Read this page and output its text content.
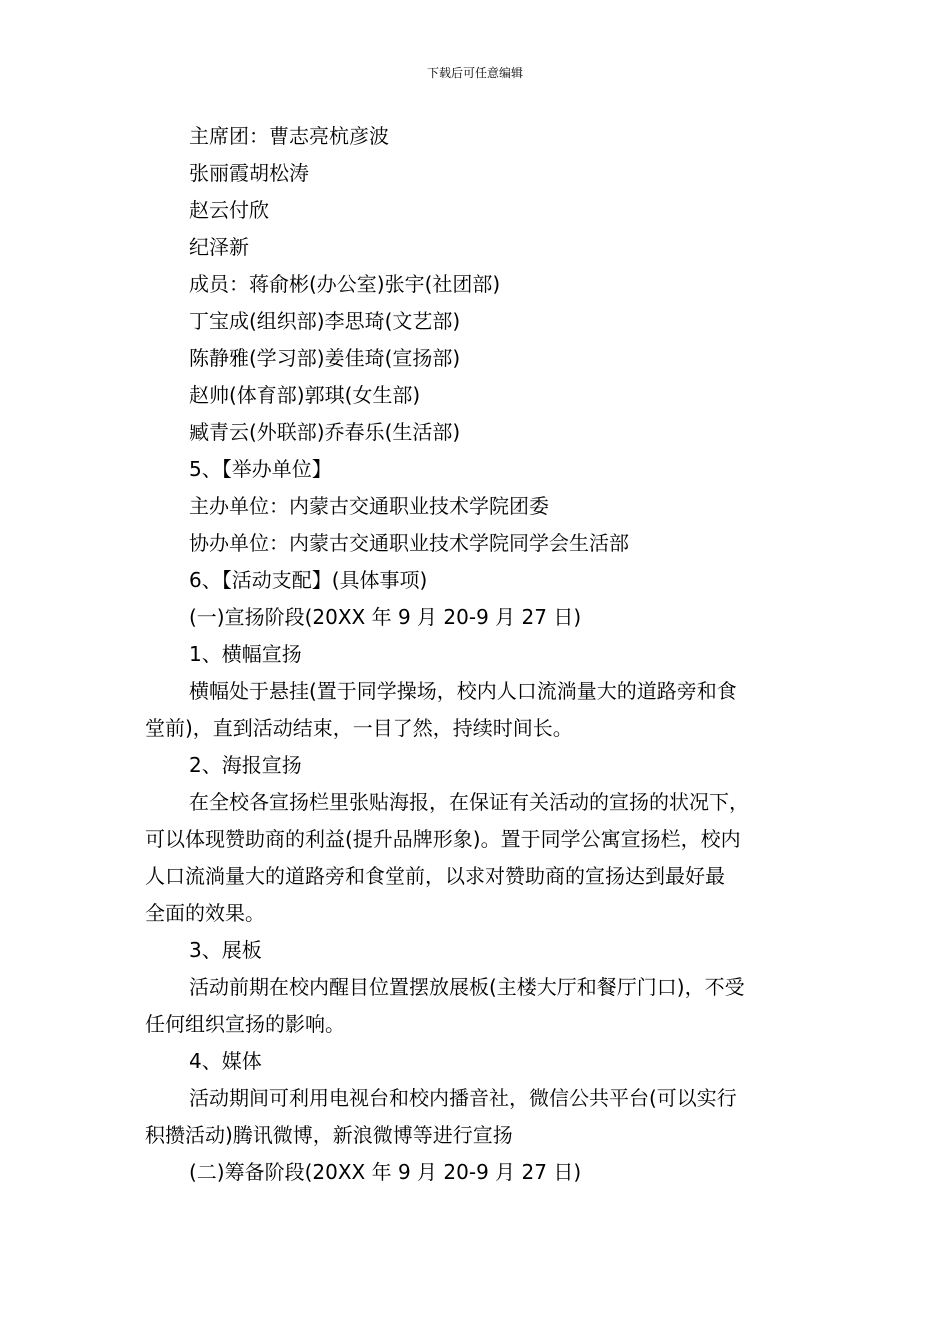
下载后可任意编辑
主席团：曹志亮杭彦波
张丽霞胡松涛
赵云付欣
纪泽新
成员：蒋俞彬(办公室)张宇(社团部)
丁宝成(组织部)李思琦(文艺部)
陈静雅(学习部)姜佳琦(宣扬部)
赵帅(体育部)郭琪(女生部)
臧青云(外联部)乔春乐(生活部)
5、【举办单位】
主办单位：内蒙古交通职业技术学院团委
协办单位：内蒙古交通职业技术学院同学会生活部
6、【活动支配】(具体事项)
(一)宣扬阶段(20XX 年 9 月 20-9 月 27 日)
1、横幅宣扬
横幅处于悬挂(置于同学操场，校内人口流淌量大的道路旁和食
堂前)，直到活动结束，一目了然，持续时间长。
2、海报宣扬
在全校各宣扬栏里张贴海报，在保证有关活动的宣扬的状况下，
可以体现赞助商的利益(提升品牌形象)。置于同学公寓宣扬栏，校内
人口流淌量大的道路旁和食堂前，以求对赞助商的宣扬达到最好最
全面的效果。
3、展板
活动前期在校内醒目位置摆放展板(主楼大厅和餐厅门口)，不受
任何组织宣扬的影响。
4、媒体
活动期间可利用电视台和校内播音社，微信公共平台(可以实行
积攒活动)腾讯微博，新浪微博等进行宣扬
(二)筹备阶段(20XX 年 9 月 20-9 月 27 日)
